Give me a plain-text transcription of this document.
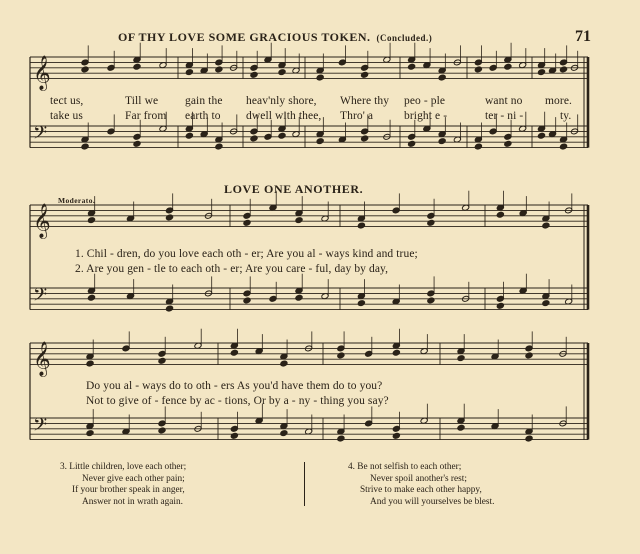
OF THY LOVE SOME GRACIOUS TOKEN. (Concluded.)	71
𝄞
𝄢
𝄞
𝄢
𝄞
𝄢
tect us,	Till we gain the heav'nly shore, Where thy peo - ple	want no more.
take us	Far from earth to dwell with thee, Thro' a	bright e -	ter - ni -	ty.
LOVE ONE ANOTHER.
Moderato.
1. Chil - dren, do you love each oth - er; Are you al - ways kind and true;
2. Are you gen - tle to each oth - er; Are you care - ful, day by day,
Do you al - ways do to oth - ers As you'd have them do to you?
Not to give of - fence by ac - tions, Or by a - ny - thing you say?
3. Little children, love each other;
Never give each other pain;
If your brother speak in anger,
Answer not in wrath again.
4. Be not selfish to each other;
Never spoil another's rest;
Strive to make each other happy,
And you will yourselves be blest.
